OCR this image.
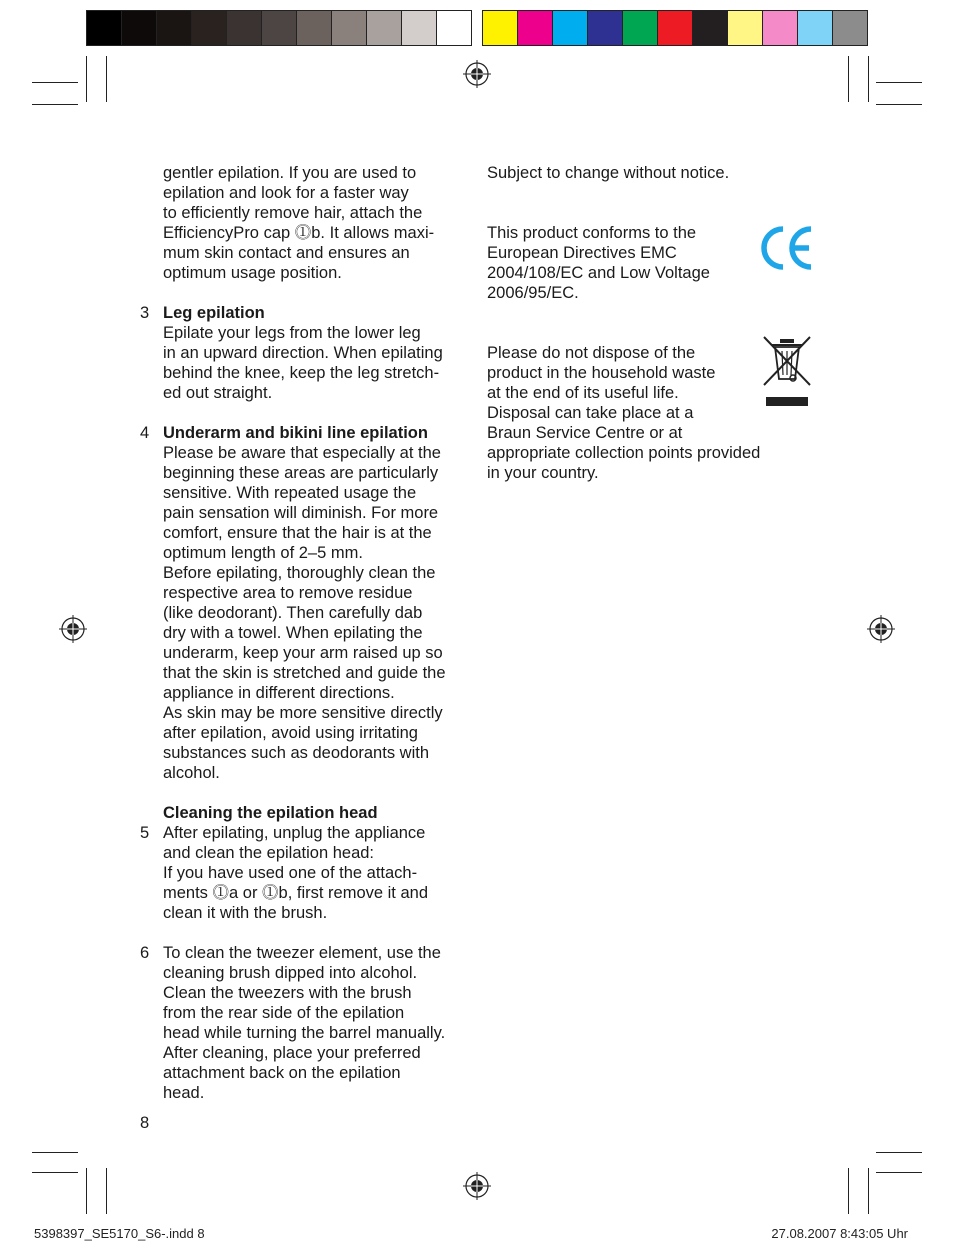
gentler epilation. If you are used to

epilation and look for a faster way

to efficiently remove hair, attach the

EfficiencyPro cap ⓵b. It allows maxi-

mum skin contact and ensures an

optimum usage position.

3 Leg epilation

Epilate your legs from the lower leg

in an upward direction. When epilating

behind the knee, keep the leg stretch-

ed out straight.

4 Underarm and bikini line epilation

Please be aware that especially at the

beginning these areas are particularly

sensitive. With repeated usage the

pain sensation will diminish. For more

comfort, ensure that the hair is at the

optimum length of 2–5 mm.

Before epilating, thoroughly clean the

respective area to remove residue

(like deodorant). Then carefully dab

dry with a towel. When epilating the

underarm, keep your arm raised up so

that the skin is stretched and guide the

appliance in different directions.

As skin may be more sensitive directly

after epilation, avoid using irritating

substances such as deodorants with

alcohol.

Cleaning the epilation head

5 After epilating, unplug the appliance

and clean the epilation head:

If you have used one of the attach-

ments ⓵a or ⓵b, first remove it and

clean it with the brush.

6 To clean the tweezer element, use the

cleaning brush dipped into alcohol.

Clean the tweezers with the brush

from the rear side of the epilation

head while turning the barrel manually.

After cleaning, place your preferred

attachment back on the epilation

head.

Subject to change without notice.

This product conforms to the

European Directives EMC

2004/108/EC and Low Voltage

2006/95/EC.

Please do not dispose of the

product in the household waste

at the end of its useful life.

Disposal can take place at a

Braun Service Centre or at

appropriate collection points provided

in your country.

8
5398397_SE5170_S6-.indd 8	27.08.2007 8:43:05 Uhr
